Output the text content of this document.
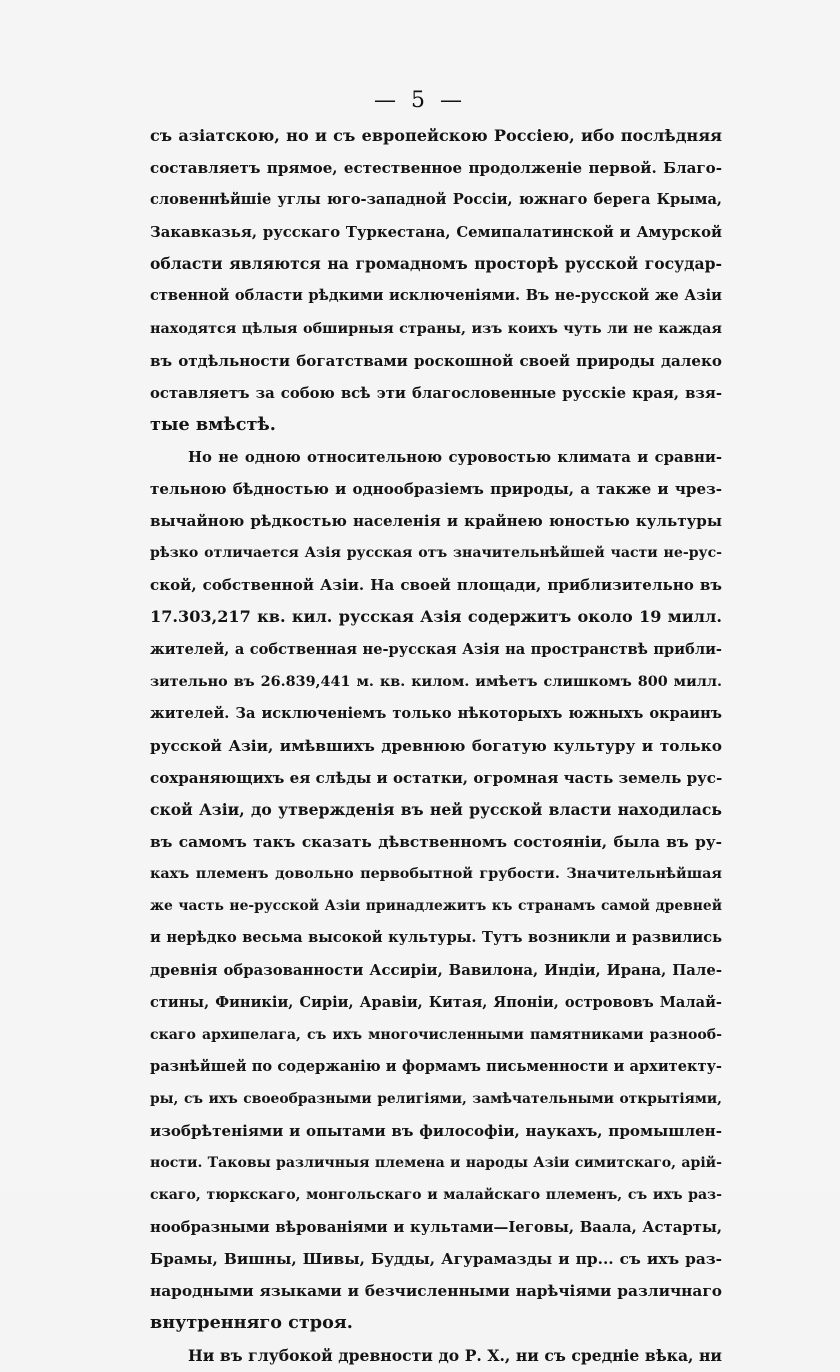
— 5 —
съ азіатскою, но и съ европейскою Россіею, ибо послѣдняя
составляетъ прямое, естественное продолженіе первой. Благо-
словеннѣйшіе углы юго-западной Россіи, южнаго берега Крыма,
Закавказья, русскаго Туркестана, Семипалатинской и Амурской
области являются на громадномъ просторѣ русской государ-
ственной области рѣдкими исключеніями. Въ не-русской же Азіи
находятся цѣлыя обширныя страны, изъ коихъ чуть ли не каждая
въ отдѣльности богатствами роскошной своей природы далеко
оставляетъ за собою всѣ эти благословенные русскіе края, взя-
тые вмѣстѣ.
Но не одною относительною суровостью климата и сравни-
тельною бѣдностью и однообразіемъ природы, а также и чрез-
вычайною рѣдкостью населенія и крайнею юностью культуры
рѣзко отличается Азія русская отъ значительнѣйшей части не-рус-
ской, собственной Азіи. На своей площади, приблизительно въ
17.303,217 кв. кил. русская Азія содержитъ около 19 милл.
жителей, а собственная не-русская Азія на пространствѣ прибли-
зительно въ 26.839,441 м. кв. килом. имѣетъ слишкомъ 800 милл.
жителей. За исключеніемъ только нѣкоторыхъ южныхъ окраинъ
русской Азіи, имѣвшихъ древнюю богатую культуру и только
сохраняющихъ ея слѣды и остатки, огромная часть земель рус-
ской Азіи, до утвержденія въ ней русской власти находилась
въ самомъ такъ сказать дѣвственномъ состояніи, была въ ру-
кахъ племенъ довольно первобытной грубости. Значительнѣйшая
же часть не-русской Азіи принадлежитъ къ странамъ самой древней
и нерѣдко весьма высокой культуры. Тутъ возникли и развились
древнія образованности Ассиріи, Вавилона, Индіи, Ирана, Пале-
стины, Финикіи, Сиріи, Аравіи, Китая, Японіи, острововъ Малай-
скаго архипелага, съ ихъ многочисленными памятниками разнооб-
разнѣйшей по содержанію и формамъ письменности и архитекту-
ры, съ ихъ своеобразными религіями, замѣчательными открытіями,
изобрѣтеніями и опытами въ философіи, наукахъ, промышлен-
ности. Таковы различныя племена и народы Азіи симитскаго, арій-
скаго, тюркскаго, монгольскаго и малайскаго племенъ, съ ихъ раз-
нообразными вѣрованіями и культами—Іеговы, Ваала, Астарты,
Брамы, Вишны, Шивы, Будды, Агурамазды и пр... съ ихъ раз-
народными языками и безчисленными нарѣчіями различнаго
внутренняго строя.
Ни въ глубокой древности до Р. Х., ни съ средніе вѣка, ни
